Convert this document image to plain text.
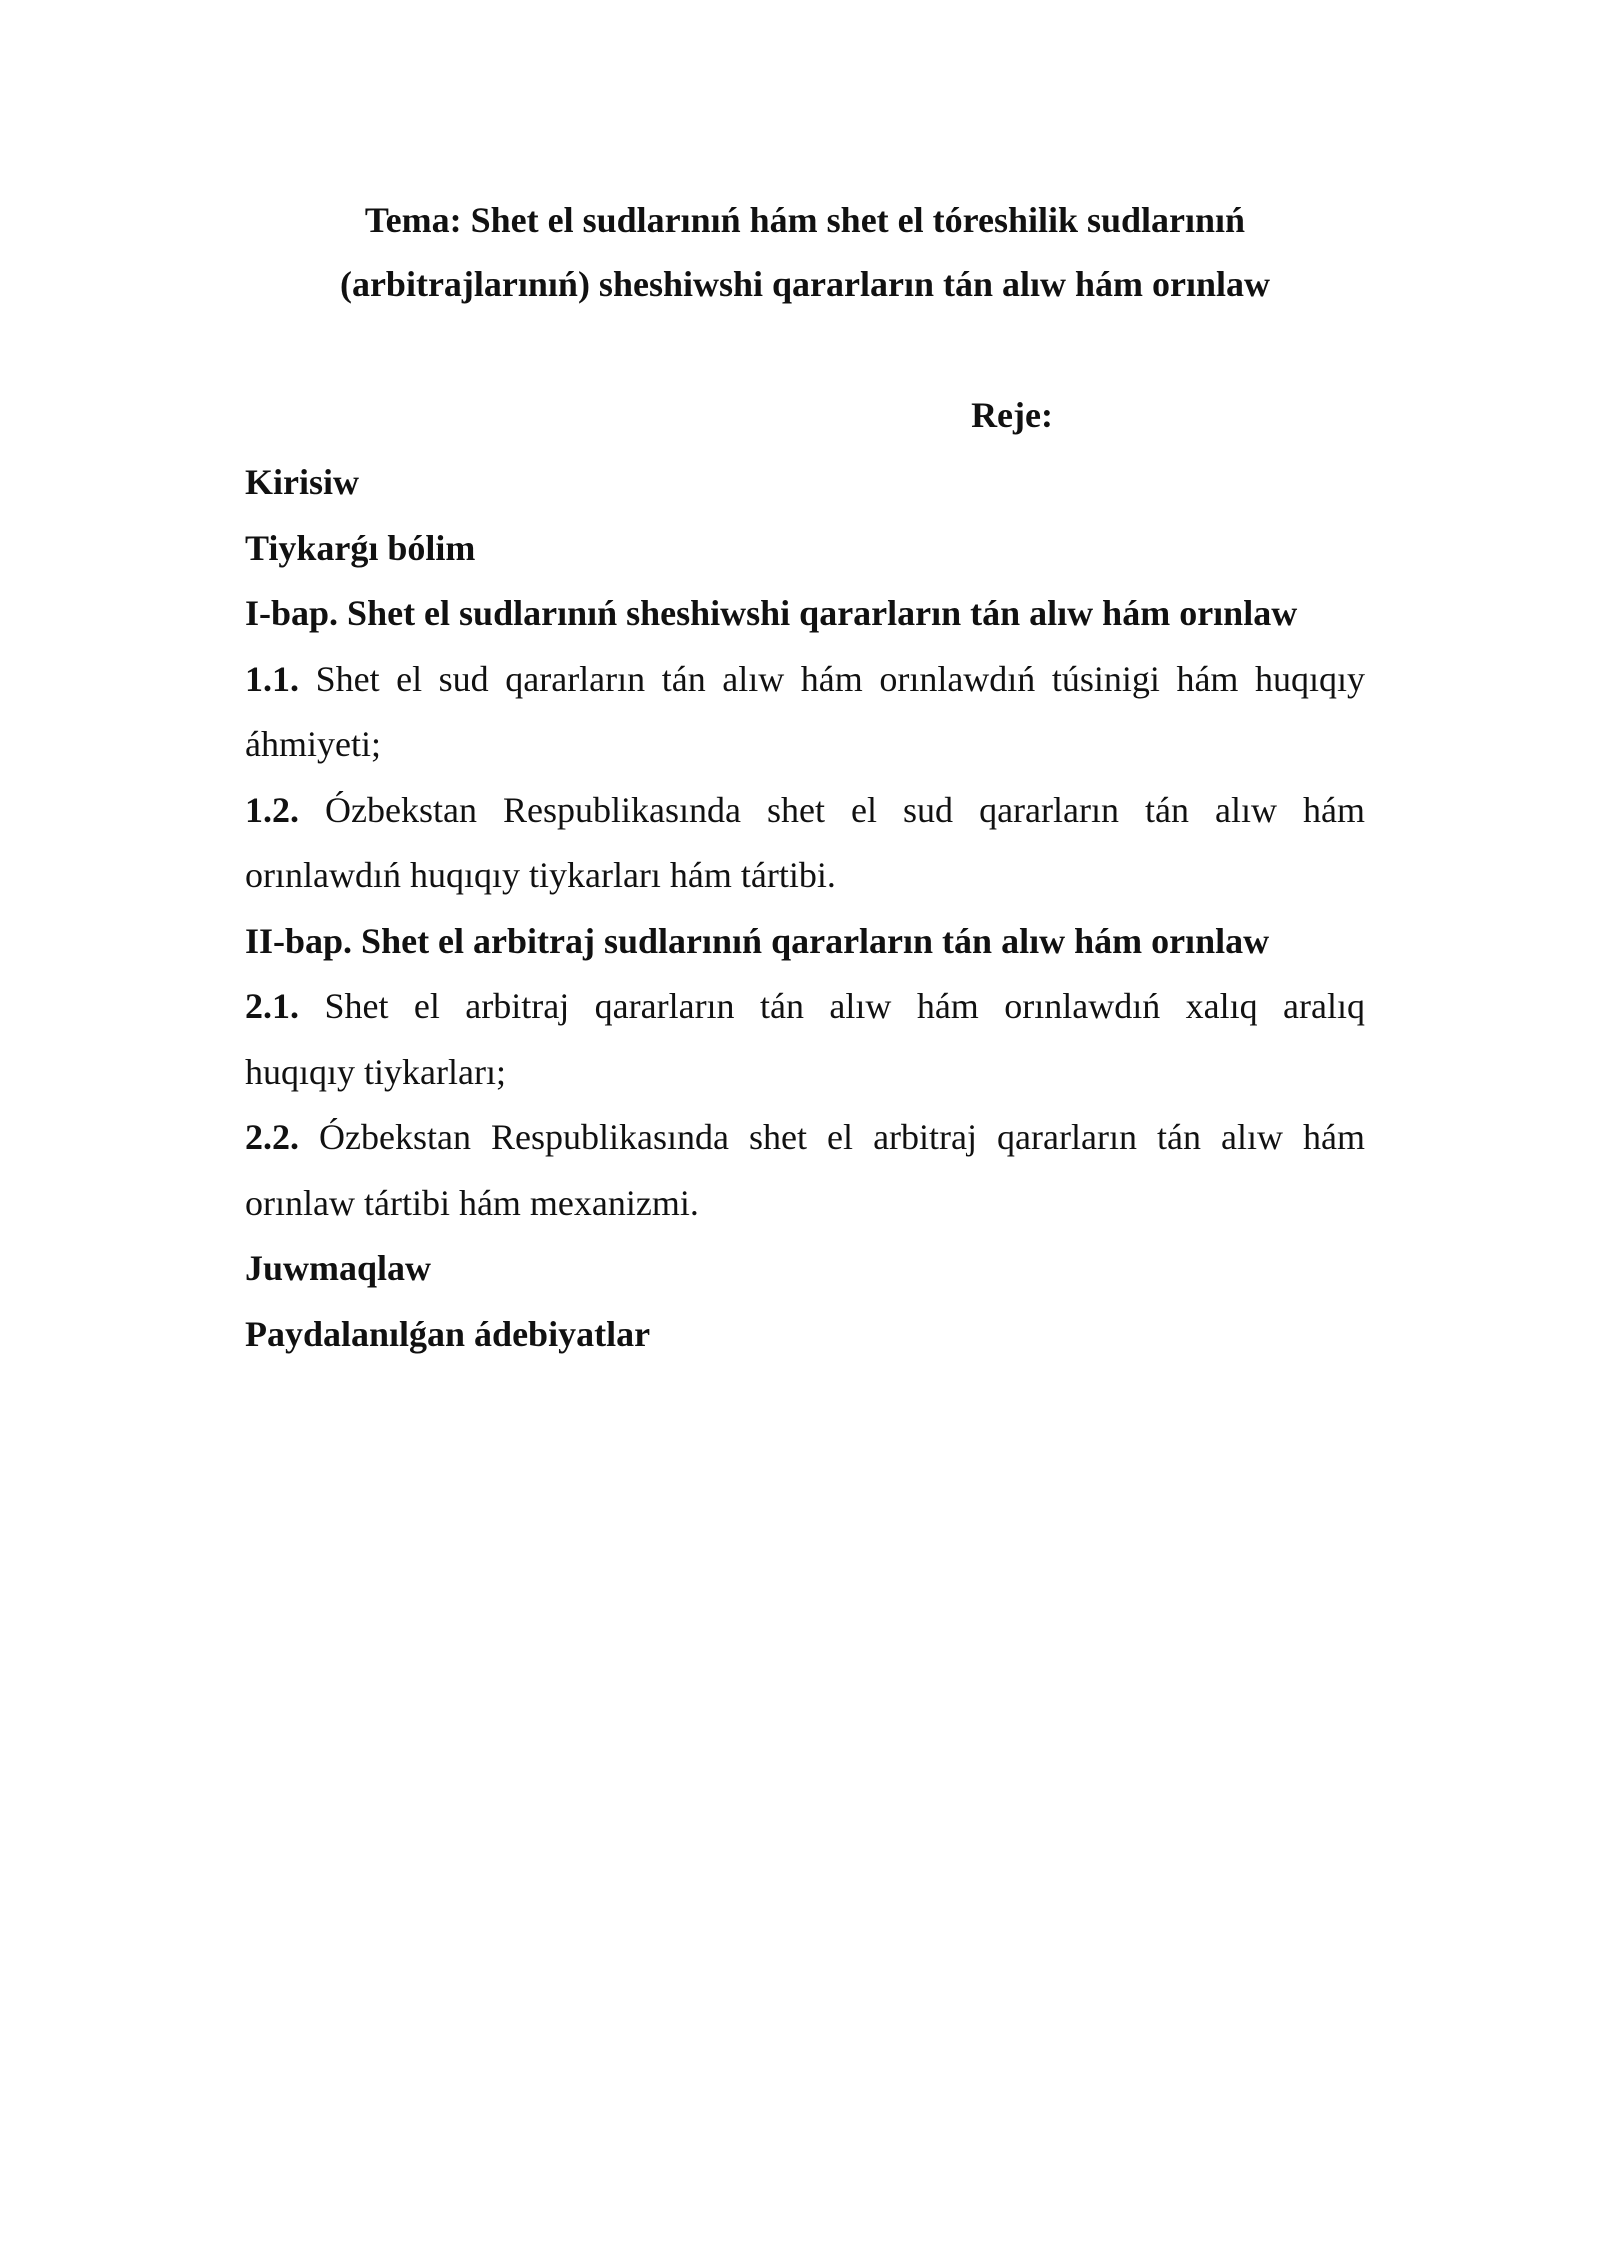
Tema: Shet el sudlarınıń hám shet el tóreshilik sudlarınıń
(arbitrajlarınıń) sheshiwshi qararların tán alıw hám orınlaw
Reje:
Kirisiw
Tiykarǵı bólim
I-bap. Shet el sudlarınıń sheshiwshi qararların tán alıw hám orınlaw
1.1. Shet el sud qararların tán alıw hám orınlawdıń túsinigi hám huqıqıy
áhmiyeti;
1.2. Ózbekstan Respublikasında shet el sud qararların tán alıw hám
orınlawdıń huqıqıy tiykarları hám tártibi.
II-bap. Shet el arbitraj sudlarınıń qararların tán alıw hám orınlaw
2.1. Shet el arbitraj qararların tán alıw hám orınlawdıń xalıq aralıq
huqıqıy tiykarları;
2.2. Ózbekstan Respublikasında shet el arbitraj qararların tán alıw hám
orınlaw tártibi hám mexanizmi.
Juwmaqlaw
Paydalanılǵan ádebiyatlar
